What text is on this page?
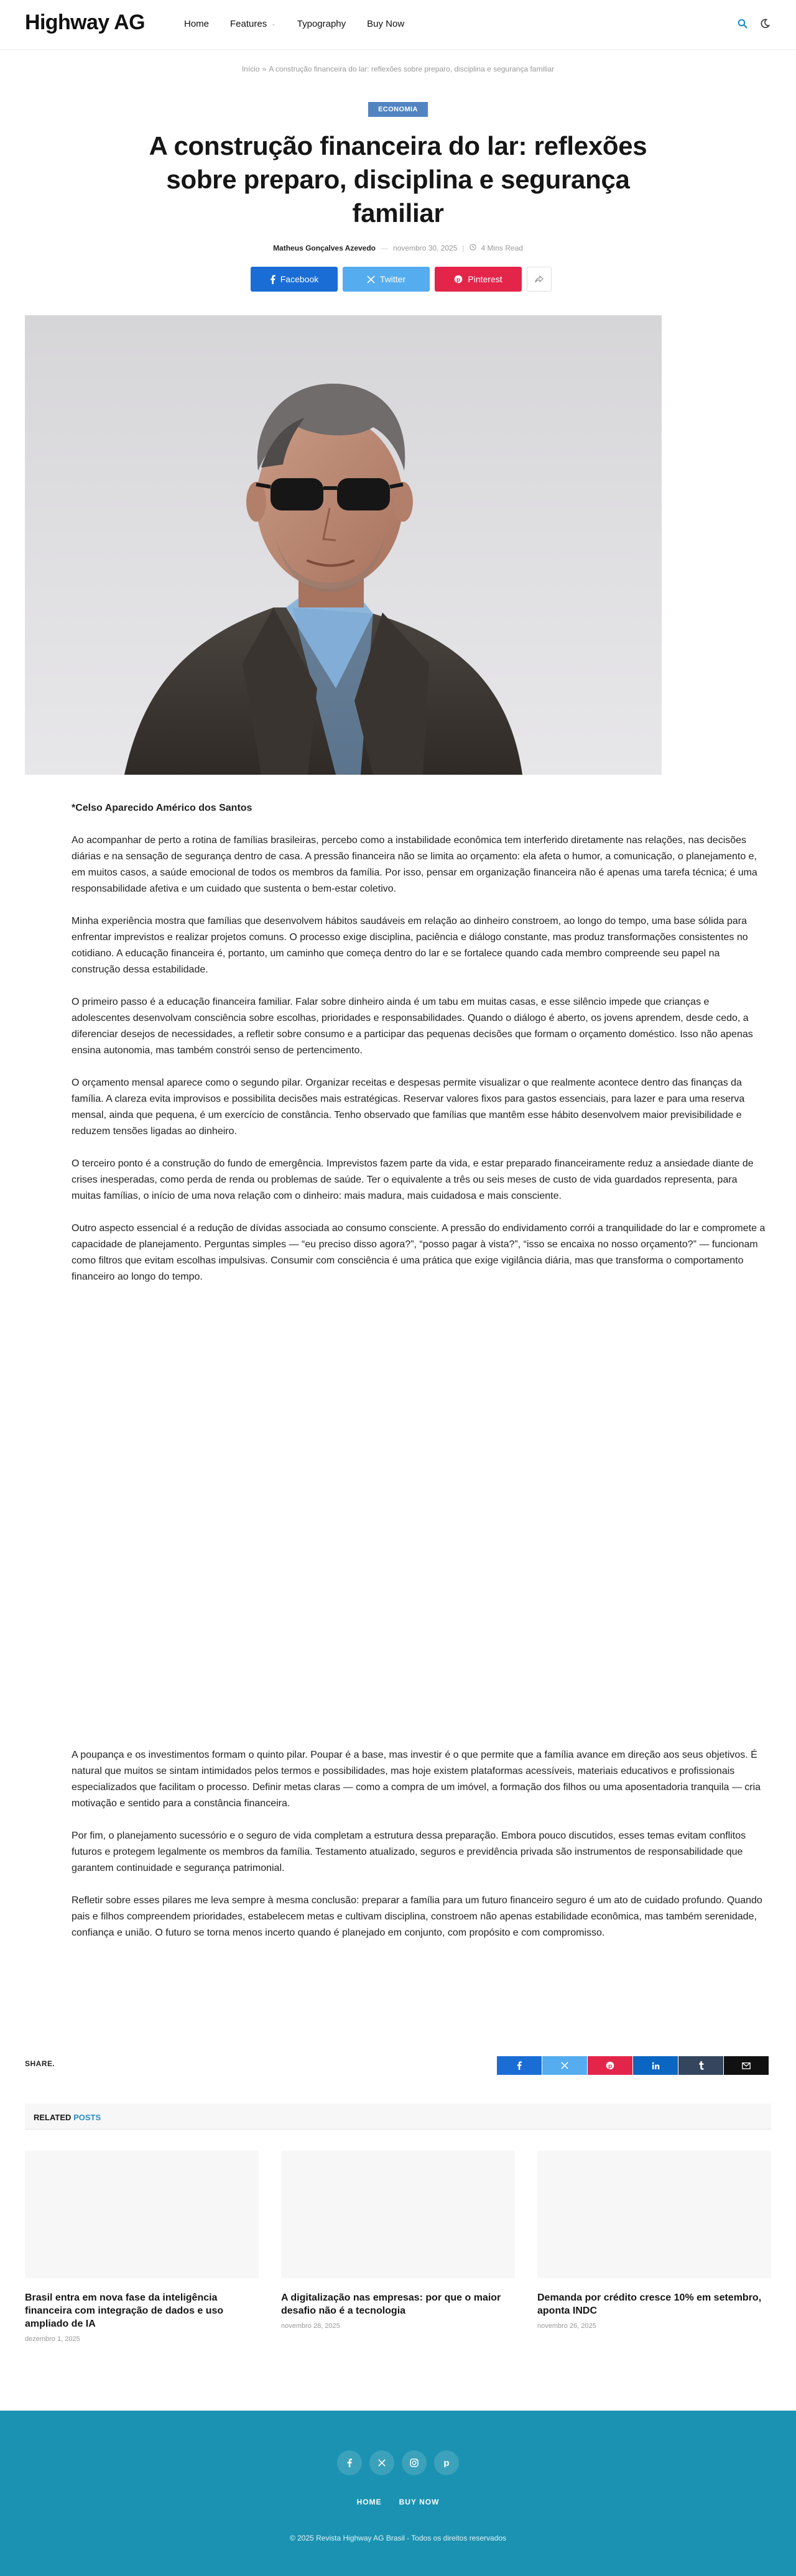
Highway AG	Home Features ⌄ Typography Buy Now
Início » A construção financeira do lar: reflexões sobre preparo, disciplina e segurança familiar
ECONOMIA
A construção financeira do lar: reflexões sobre preparo, disciplina e segurança familiar
Matheus Gonçalves Azevedo — novembro 30, 2025 | 4 Mins Read
Facebook	Twitter	p Pinterest

*Celso Aparecido Américo dos Santos

Ao acompanhar de perto a rotina de famílias brasileiras, percebo como a instabilidade econômica tem interferido diretamente nas relações, nas decisões diárias e na sensação de segurança dentro de casa. A pressão financeira não se limita ao orçamento: ela afeta o humor, a comunicação, o planejamento e, em muitos casos, a saúde emocional de todos os membros da família. Por isso, pensar em organização financeira não é apenas uma tarefa técnica; é uma responsabilidade afetiva e um cuidado que sustenta o bem-estar coletivo.

Minha experiência mostra que famílias que desenvolvem hábitos saudáveis em relação ao dinheiro constroem, ao longo do tempo, uma base sólida para enfrentar imprevistos e realizar projetos comuns. O processo exige disciplina, paciência e diálogo constante, mas produz transformações consistentes no cotidiano. A educação financeira é, portanto, um caminho que começa dentro do lar e se fortalece quando cada membro compreende seu papel na construção dessa estabilidade.

O primeiro passo é a educação financeira familiar. Falar sobre dinheiro ainda é um tabu em muitas casas, e esse silêncio impede que crianças e adolescentes desenvolvam consciência sobre escolhas, prioridades e responsabilidades. Quando o diálogo é aberto, os jovens aprendem, desde cedo, a diferenciar desejos de necessidades, a refletir sobre consumo e a participar das pequenas decisões que formam o orçamento doméstico. Isso não apenas ensina autonomia, mas também constrói senso de pertencimento.

O orçamento mensal aparece como o segundo pilar. Organizar receitas e despesas permite visualizar o que realmente acontece dentro das finanças da família. A clareza evita improvisos e possibilita decisões mais estratégicas. Reservar valores fixos para gastos essenciais, para lazer e para uma reserva mensal, ainda que pequena, é um exercício de constância. Tenho observado que famílias que mantêm esse hábito desenvolvem maior previsibilidade e reduzem tensões ligadas ao dinheiro.

O terceiro ponto é a construção do fundo de emergência. Imprevistos fazem parte da vida, e estar preparado financeiramente reduz a ansiedade diante de crises inesperadas, como perda de renda ou problemas de saúde. Ter o equivalente a três ou seis meses de custo de vida guardados representa, para muitas famílias, o início de uma nova relação com o dinheiro: mais madura, mais cuidadosa e mais consciente.

Outro aspecto essencial é a redução de dívidas associada ao consumo consciente. A pressão do endividamento corrói a tranquilidade do lar e compromete a capacidade de planejamento. Perguntas simples — “eu preciso disso agora?”, “posso pagar à vista?”, “isso se encaixa no nosso orçamento?” — funcionam como filtros que evitam escolhas impulsivas. Consumir com consciência é uma prática que exige vigilância diária, mas que transforma o comportamento financeiro ao longo do tempo.

A poupança e os investimentos formam o quinto pilar. Poupar é a base, mas investir é o que permite que a família avance em direção aos seus objetivos. É natural que muitos se sintam intimidados pelos termos e possibilidades, mas hoje existem plataformas acessíveis, materiais educativos e profissionais especializados que facilitam o processo. Definir metas claras — como a compra de um imóvel, a formação dos filhos ou uma aposentadoria tranquila — cria motivação e sentido para a constância financeira.

Por fim, o planejamento sucessório e o seguro de vida completam a estrutura dessa preparação. Embora pouco discutidos, esses temas evitam conflitos futuros e protegem legalmente os membros da família. Testamento atualizado, seguros e previdência privada são instrumentos de responsabilidade que garantem continuidade e segurança patrimonial.

Refletir sobre esses pilares me leva sempre à mesma conclusão: preparar a família para um futuro financeiro seguro é um ato de cuidado profundo. Quando pais e filhos compreendem prioridades, estabelecem metas e cultivam disciplina, constroem não apenas estabilidade econômica, mas também serenidade, confiança e união. O futuro se torna menos incerto quando é planejado em conjunto, com propósito e com compromisso.

SHARE.	p
RELATED POSTS
Brasil entra em nova fase da inteligência financeira com integração de dados e uso ampliado de IA
dezembro 1, 2025
A digitalização nas empresas: por que o maior desafio não é a tecnologia
novembro 28, 2025
Demanda por crédito cresce 10% em setembro, aponta INDC
novembro 26, 2025
p
HOME BUY NOW
© 2025 Revista Highway AG Brasil - Todos os direitos reservados
